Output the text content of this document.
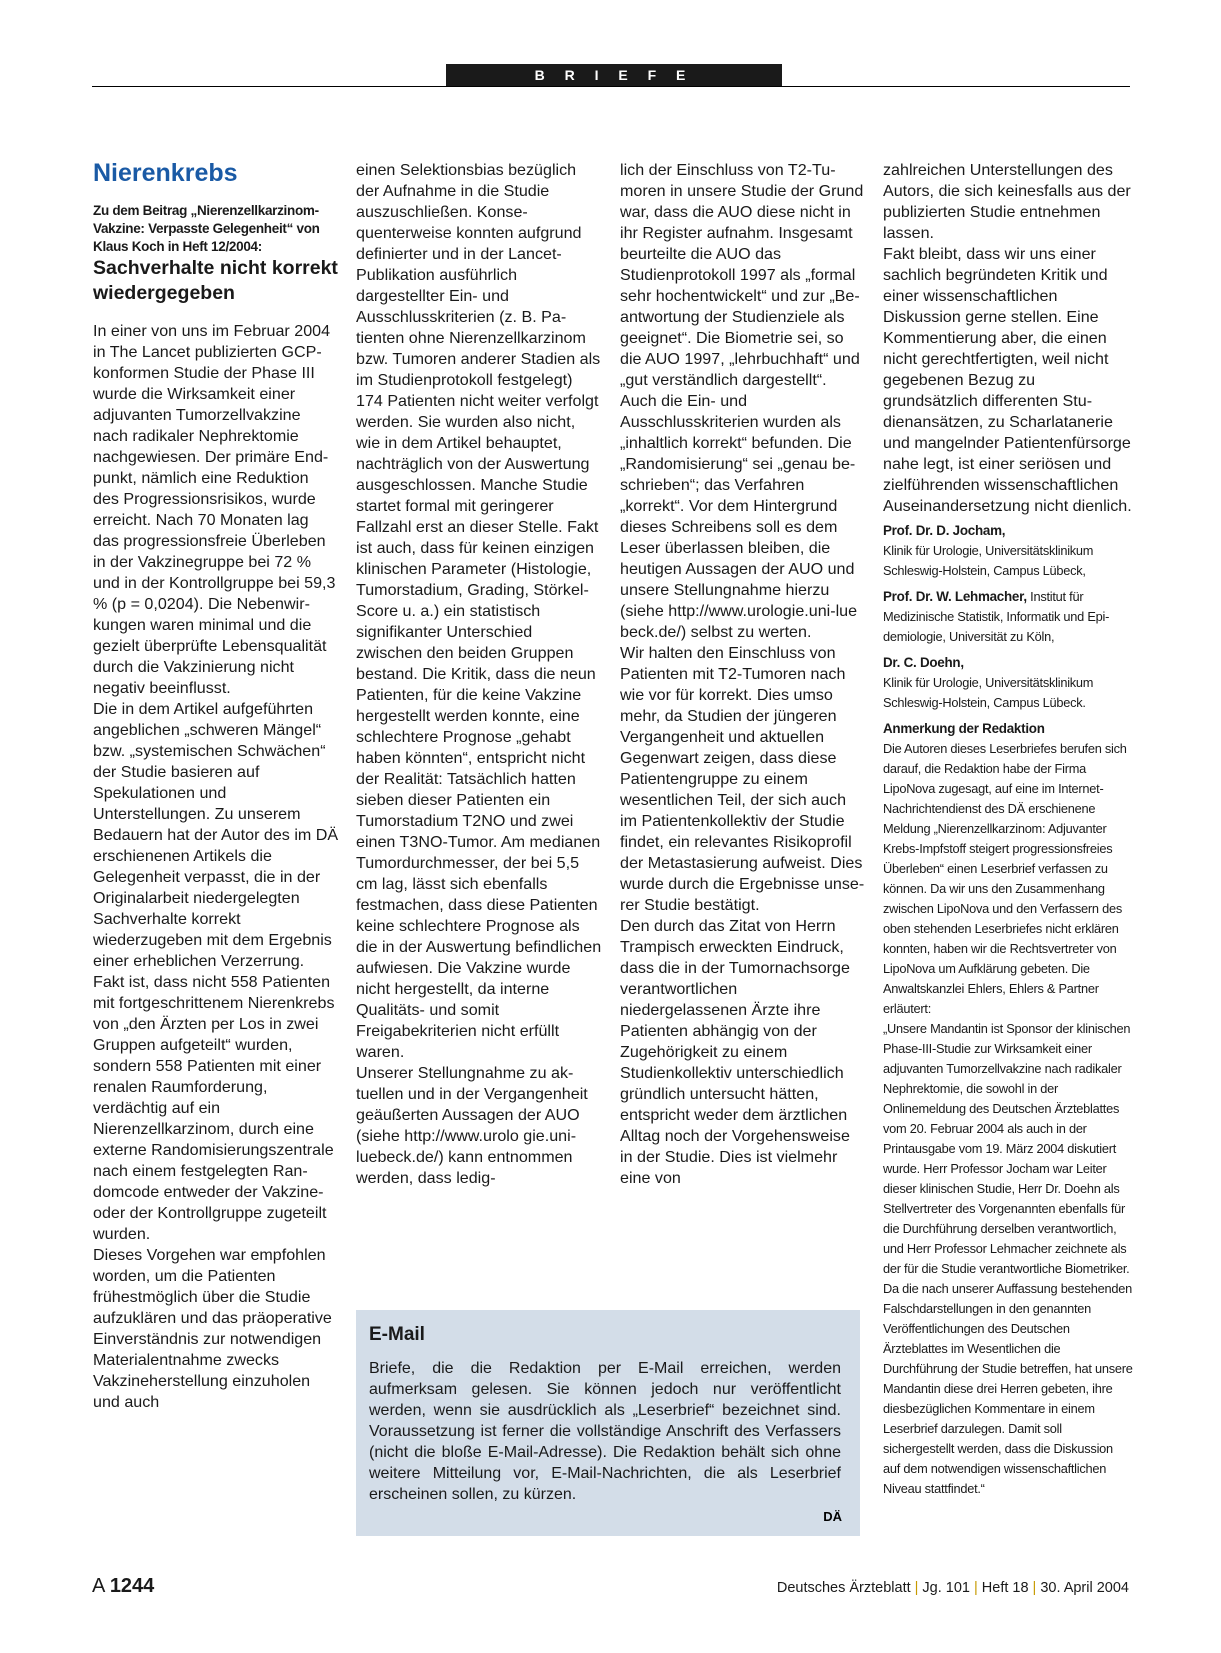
B R I E F E
Nierenkrebs

Zu dem Beitrag „Nierenzellkarzinom-Vakzine: Verpasste Gelegenheit“ von Klaus Koch in Heft 12/2004:

Sachverhalte nicht korrekt wiedergegeben

In einer von uns im Februar 2004 in The Lancet publizierten GCP-konformen Studie der Phase III wurde die Wirksamkeit einer adjuvanten Tumorzellvakzine nach radikaler Nephrektomie nachgewiesen. Der primäre Endpunkt, nämlich eine Reduktion des Progressionsrisikos, wurde erreicht. Nach 70 Monaten lag das progressionsfreie Überleben in der Vakzinegruppe bei 72 % und in der Kontrollgruppe bei 59,3 % (p = 0,0204). Die Nebenwirkungen waren minimal und die gezielt überprüfte Lebensqualität durch die Vakzinierung nicht negativ beeinflusst.

Die in dem Artikel aufgeführten angeblichen „schweren Mängel“ bzw. „systemischen Schwächen“ der Studie basieren auf Spekulationen und Unterstellungen. Zu unserem Bedauern hat der Autor des im DÄ erschienenen Artikels die Gelegenheit verpasst, die in der Originalarbeit niedergelegten Sachverhalte korrekt wiederzugeben mit dem Ergebnis einer erheblichen Verzerrung. Fakt ist, dass nicht 558 Patienten mit fortgeschrittenem Nierenkrebs von „den Ärzten per Los in zwei Gruppen aufgeteilt“ wurden, sondern 558 Patienten mit einer renalen Raumforderung, verdächtig auf ein Nierenzellkarzinom, durch eine externe Randomisierungszentrale nach einem festgelegten Randomcode entweder der Vakzine- oder der Kontrollgruppe zugeteilt wurden.

Dieses Vorgehen war empfohlen worden, um die Patienten frühestmöglich über die Studie aufzuklären und das präoperative Einverständnis zur notwendigen Materialentnahme zwecks Vakzineherstellung einzuholen und auch

einen Selektionsbias bezüglich der Aufnahme in die Studie auszuschließen. Konsequenterweise konnten aufgrund definierter und in der Lancet-Publikation ausführlich dargestellter Ein- und Ausschlusskriterien (z. B. Patienten ohne Nierenzellkarzinom bzw. Tumoren anderer Stadien als im Studienprotokoll festgelegt) 174 Patienten nicht weiter verfolgt werden. Sie wurden also nicht, wie in dem Artikel behauptet, nachträglich von der Auswertung ausgeschlossen. Manche Studie startet formal mit geringerer Fallzahl erst an dieser Stelle. Fakt ist auch, dass für keinen einzigen klinischen Parameter (Histologie, Tumorstadium, Grading, Störkel-Score u. a.) ein statistisch signifikanter Unterschied zwischen den beiden Gruppen bestand. Die Kritik, dass die neun Patienten, für die keine Vakzine hergestellt werden konnte, eine schlechtere Prognose „gehabt haben könnten“, entspricht nicht der Realität: Tatsächlich hatten sieben dieser Patienten ein Tumorstadium T2NO und zwei einen T3NO-Tumor. Am medianen Tumordurchmesser, der bei 5,5 cm lag, lässt sich ebenfalls festmachen, dass diese Patienten keine schlechtere Prognose als die in der Auswertung befindlichen aufwiesen. Die Vakzine wurde nicht hergestellt, da interne Qualitäts- und somit Freigabekriterien nicht erfüllt waren.

Unserer Stellungnahme zu aktuellen und in der Vergangenheit geäußerten Aussagen der AUO (siehe http://www.urolo gie.uni-luebeck.de/) kann entnommen werden, dass ledig-

lich der Einschluss von T2-Tumoren in unsere Studie der Grund war, dass die AUO diese nicht in ihr Register aufnahm. Insgesamt beurteilte die AUO das Studienprotokoll 1997 als „formal sehr hochentwickelt“ und zur „Beantwortung der Studienziele als geeignet“. Die Biometrie sei, so die AUO 1997, „lehrbuchhaft“ und „gut verständlich dargestellt“. Auch die Ein- und Ausschlusskriterien wurden als „inhaltlich korrekt“ befunden. Die „Randomisierung“ sei „genau beschrieben“; das Verfahren „korrekt“. Vor dem Hintergrund dieses Schreibens soll es dem Leser überlassen bleiben, die heutigen Aussagen der AUO und unsere Stellungnahme hierzu (siehe http://www.urologie.uni-lue beck.de/) selbst zu werten.

Wir halten den Einschluss von Patienten mit T2-Tumoren nach wie vor für korrekt. Dies umso mehr, da Studien der jüngeren Vergangenheit und aktuellen Gegenwart zeigen, dass diese Patientengruppe zu einem wesentlichen Teil, der sich auch im Patientenkollektiv der Studie findet, ein relevantes Risikoprofil der Metastasierung aufweist. Dies wurde durch die Ergebnisse unserer Studie bestätigt.

Den durch das Zitat von Herrn Trampisch erweckten Eindruck, dass die in der Tumornachsorge verantwortlichen niedergelassenen Ärzte ihre Patienten abhängig von der Zugehörigkeit zu einem Studienkollektiv unterschiedlich gründlich untersucht hätten, entspricht weder dem ärztlichen Alltag noch der Vorgehensweise in der Studie. Dies ist vielmehr eine von

zahlreichen Unterstellungen des Autors, die sich keinesfalls aus der publizierten Studie entnehmen lassen.

Fakt bleibt, dass wir uns einer sachlich begründeten Kritik und einer wissenschaftlichen Diskussion gerne stellen. Eine Kommentierung aber, die einen nicht gerechtfertigten, weil nicht gegebenen Bezug zu grundsätzlich differenten Studienansätzen, zu Scharlatanerie und mangelnder Patientenfürsorge nahe legt, ist einer seriösen und zielführenden wissenschaftlichen Auseinandersetzung nicht dienlich.

Prof. Dr. D. Jocham,
Klinik für Urologie, Universitätsklinikum Schleswig-Holstein, Campus Lübeck,
Prof. Dr. W. Lehmacher, Institut für Medizinische Statistik, Informatik und Epidemiologie, Universität zu Köln,
Dr. C. Doehn,
Klinik für Urologie, Universitätsklinikum Schleswig-Holstein, Campus Lübeck.
Anmerkung der Redaktion

Die Autoren dieses Leserbriefes berufen sich darauf, die Redaktion habe der Firma LipoNova zugesagt, auf eine im Internet-Nachrichtendienst des DÄ erschienene Meldung „Nierenzellkarzinom: Adjuvanter Krebs-Impfstoff steigert progressionsfreies Überleben“ einen Leserbrief verfassen zu können. Da wir uns den Zusammenhang zwischen LipoNova und den Verfassern des oben stehenden Leserbriefes nicht erklären konnten, haben wir die Rechtsvertreter von LipoNova um Aufklärung gebeten. Die Anwaltskanzlei Ehlers, Ehlers & Partner erläutert:

„Unsere Mandantin ist Sponsor der klinischen Phase-III-Studie zur Wirksamkeit einer adjuvanten Tumorzellvakzine nach radikaler Nephrektomie, die sowohl in der Onlinemeldung des Deutschen Ärzteblattes vom 20. Februar 2004 als auch in der Printausgabe vom 19. März 2004 diskutiert wurde. Herr Professor Jocham war Leiter dieser klinischen Studie, Herr Dr. Doehn als Stellvertreter des Vorgenannten ebenfalls für die Durchführung derselben verantwortlich, und Herr Professor Lehmacher zeichnete als der für die Studie verantwortliche Biometriker. Da die nach unserer Auffassung bestehenden Falschdarstellungen in den genannten Veröffentlichungen des Deutschen Ärzteblattes im Wesentlichen die Durchführung der Studie betreffen, hat unsere Mandantin diese drei Herren gebeten, ihre diesbezüglichen Kommentare in einem Leserbrief darzulegen. Damit soll sichergestellt werden, dass die Diskussion auf dem notwendigen wissenschaftlichen Niveau stattfindet.“

E-Mail
Briefe, die die Redaktion per E-Mail erreichen, werden aufmerksam gelesen. Sie können jedoch nur veröffentlicht werden, wenn sie ausdrücklich als „Leserbrief“ bezeichnet sind. Voraussetzung ist ferner die vollständige Anschrift des Verfassers (nicht die bloße E-Mail-Adresse). Die Redaktion behält sich ohne weitere Mitteilung vor, E-Mail-Nachrichten, die als Leserbrief erscheinen sollen, zu kürzen.
DÄ
A 1244	Deutsches Ärzteblatt | Jg. 101 | Heft 18 | 30. April 2004
